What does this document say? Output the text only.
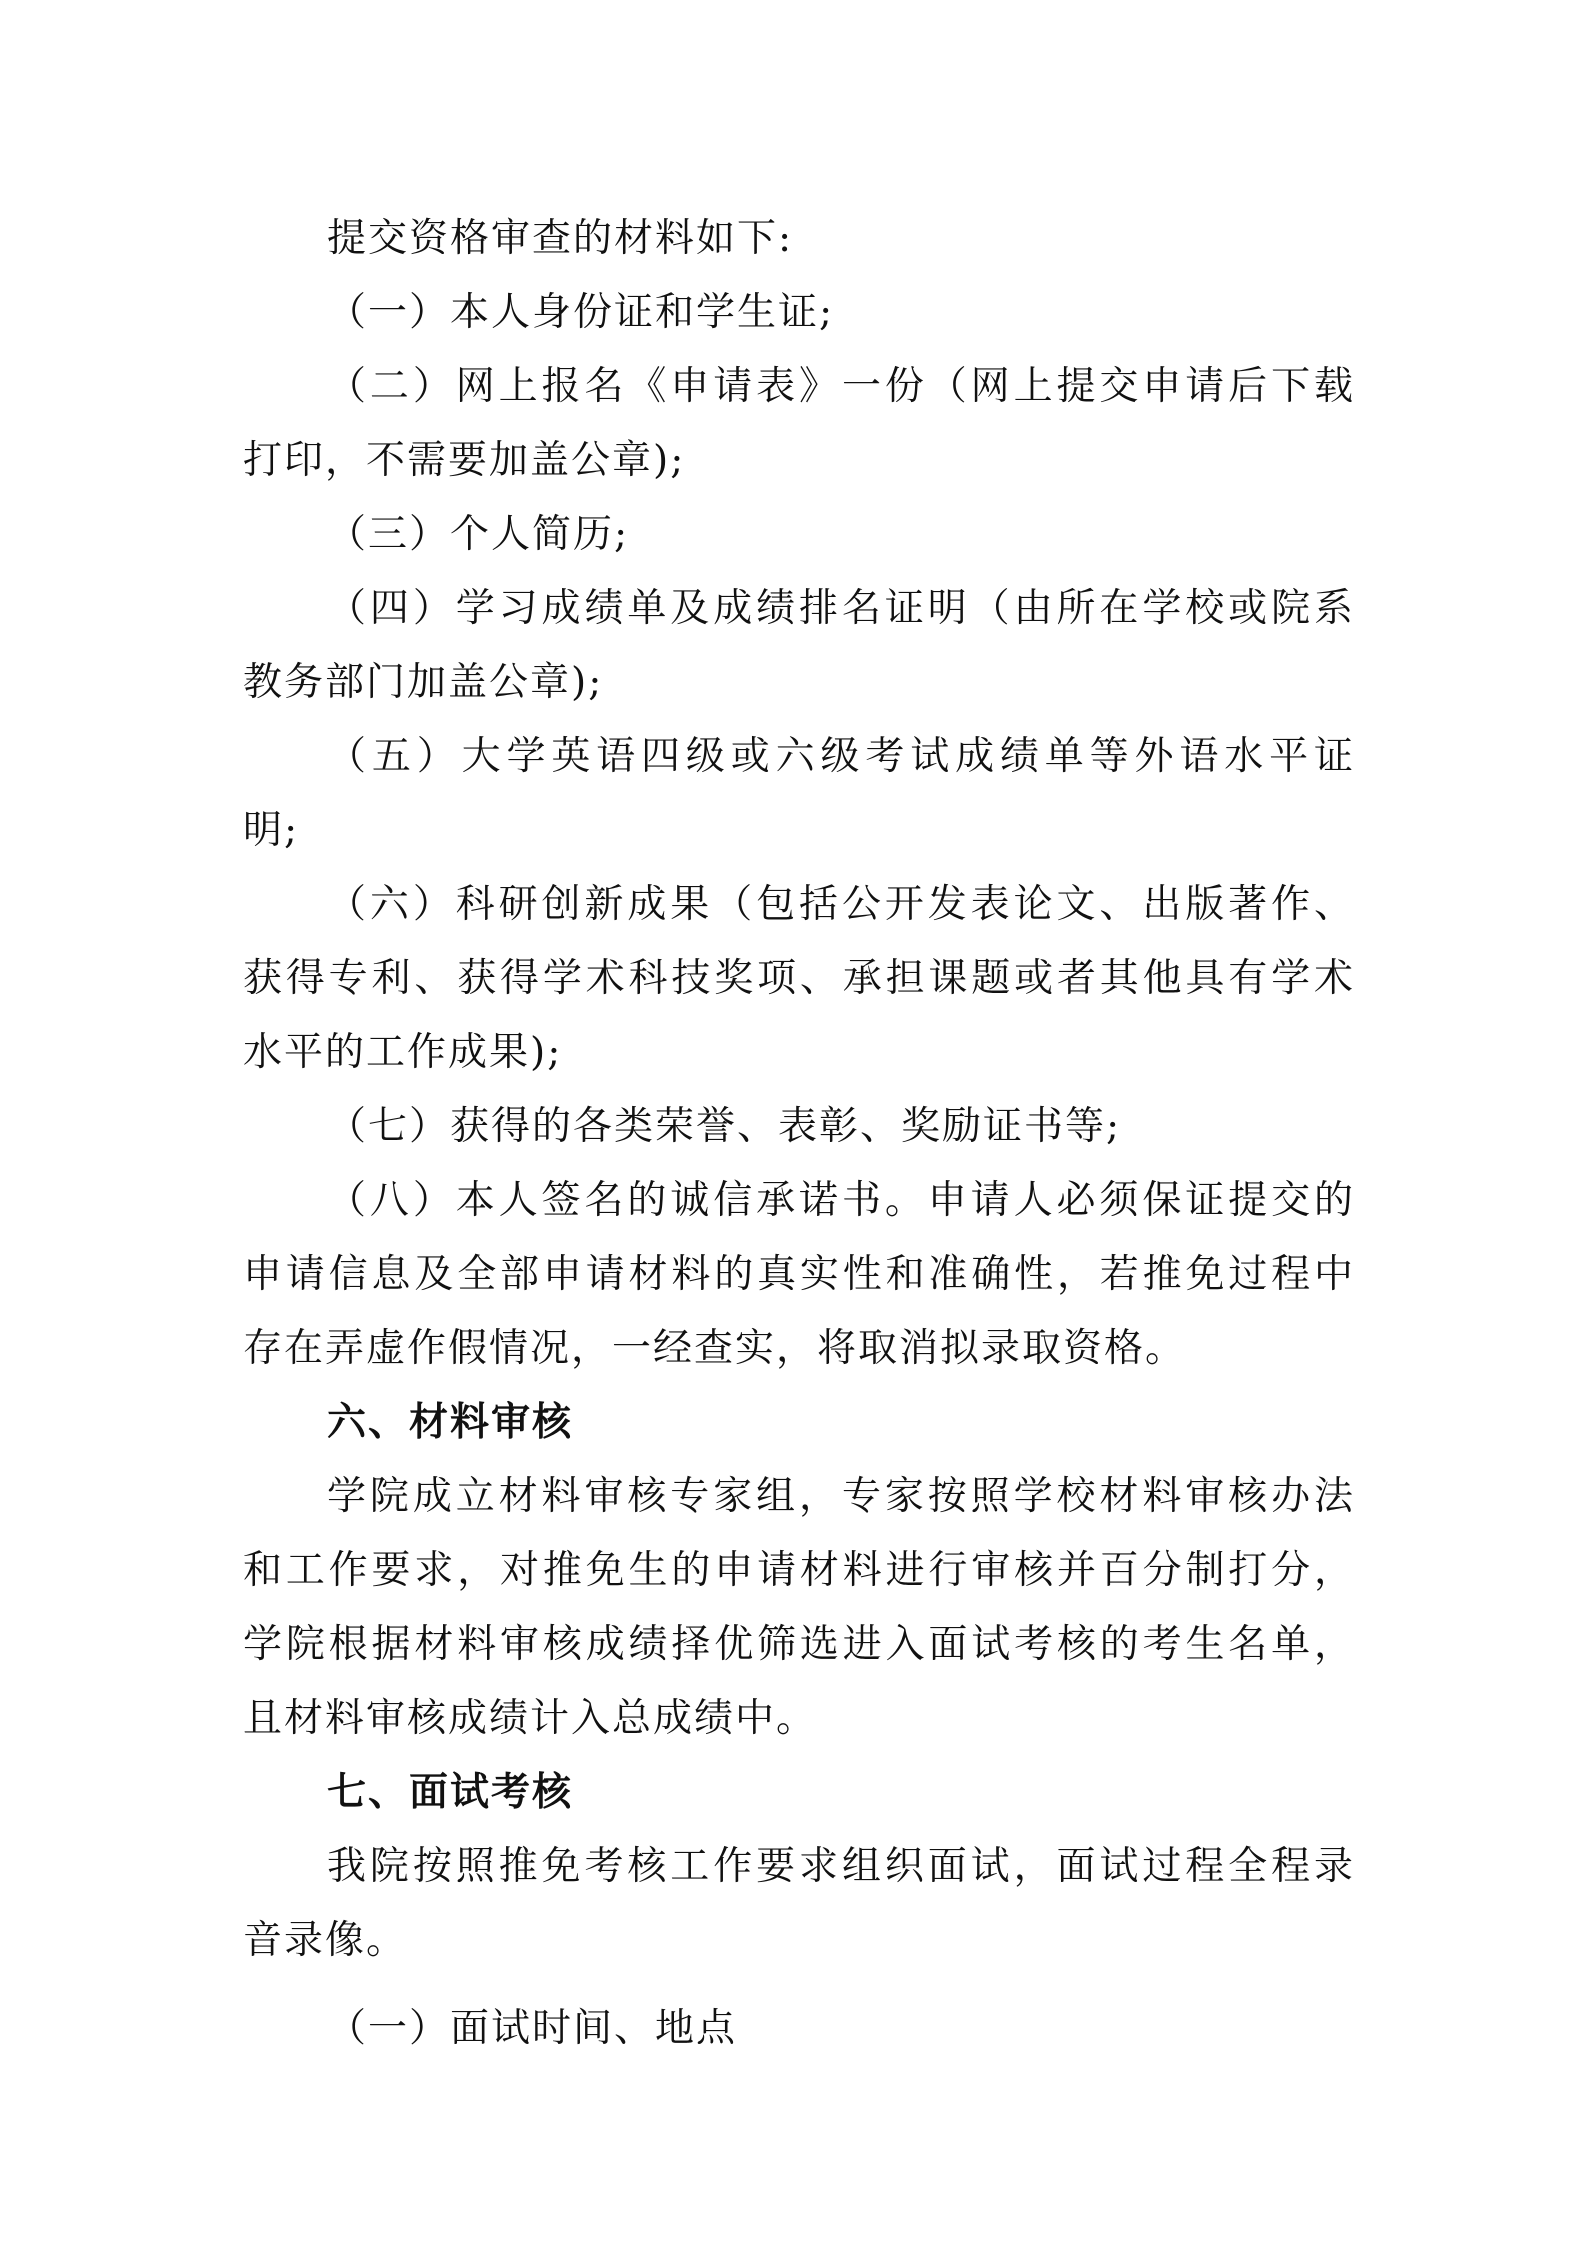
提交资格审查的材料如下:
（一）本人身份证和学生证;
（二）网上报名《申请表》一份（网上提交申请后下载
打印，不需要加盖公章);
（三）个人简历;
（四）学习成绩单及成绩排名证明（由所在学校或院系
教务部门加盖公章);
（五）大学英语四级或六级考试成绩单等外语水平证
明;
（六）科研创新成果（包括公开发表论文、出版著作、
获得专利、获得学术科技奖项、承担课题或者其他具有学术
水平的工作成果);
（七）获得的各类荣誉、表彰、奖励证书等;
（八）本人签名的诚信承诺书。申请人必须保证提交的
申请信息及全部申请材料的真实性和准确性，若推免过程中
存在弄虚作假情况，一经查实，将取消拟录取资格。
六、材料审核
学院成立材料审核专家组，专家按照学校材料审核办法
和工作要求，对推免生的申请材料进行审核并百分制打分，
学院根据材料审核成绩择优筛选进入面试考核的考生名单，
且材料审核成绩计入总成绩中。
七、面试考核
我院按照推免考核工作要求组织面试，面试过程全程录
音录像。
（一）面试时间、地点
